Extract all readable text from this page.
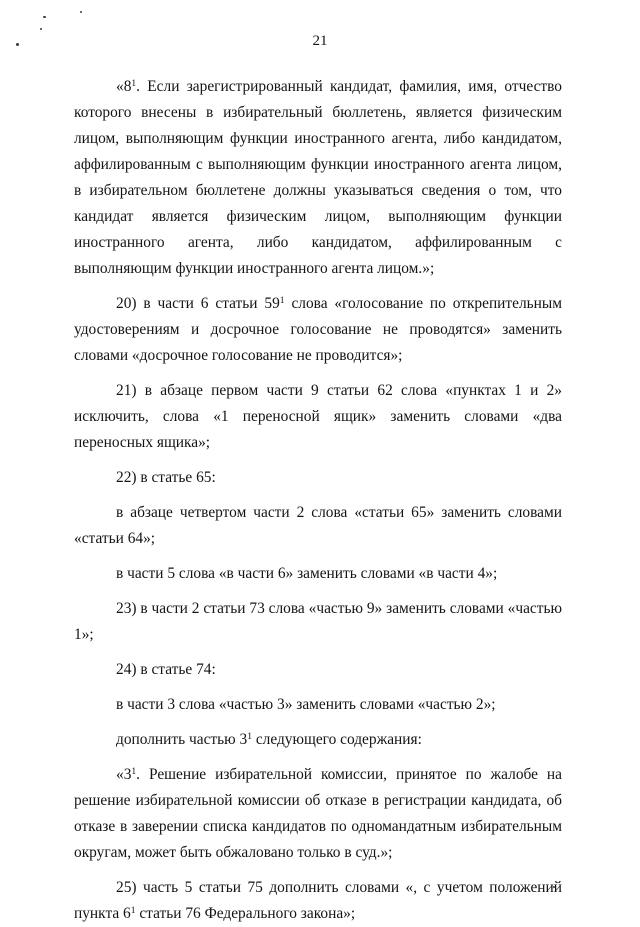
21

«$8^1$. Если зарегистрированный кандидат, фамилия, имя, отчество которого внесены в избирательный бюллетень, является физическим лицом, выполняющим функции иностранного агента, либо кандидатом, аффилированным с выполняющим функции иностранного агента лицом, в избирательном бюллетене должны указываться сведения о том, что кандидат является физическим лицом, выполняющим функции иностранного агента, либо кандидатом, аффилированным с выполняющим функции иностранного агента лицом.»;

20) в части 6 статьи $59^1$ слова «голосование по открепительным удостоверениям и досрочное голосование не проводятся» заменить словами «досрочное голосование не проводится»;

21) в абзаце первом части 9 статьи 62 слова «пунктах 1 и 2» исключить, слова «1 переносной ящик» заменить словами «два переносных ящика»;

22) в статье 65:

в абзаце четвертом части 2 слова «статьи 65» заменить словами «статьи 64»;

в части 5 слова «в части 6» заменить словами «в части 4»;

23) в части 2 статьи 73 слова «частью 9» заменить словами «частью 1»;

24) в статье 74:

в части 3 слова «частью 3» заменить словами «частью 2»;

дополнить частью $3^1$ следующего содержания:

«$3^1$. Решение избирательной комиссии, принятое по жалобе на решение избирательной комиссии об отказе в регистрации кандидата, об отказе в заверении списка кандидатов по одномандатным избирательным округам, может быть обжаловано только в суд.»;

25) часть 5 статьи 75 дополнить словами «, с учетом положений пункта $6^1$ статьи 76 Федерального закона»;
